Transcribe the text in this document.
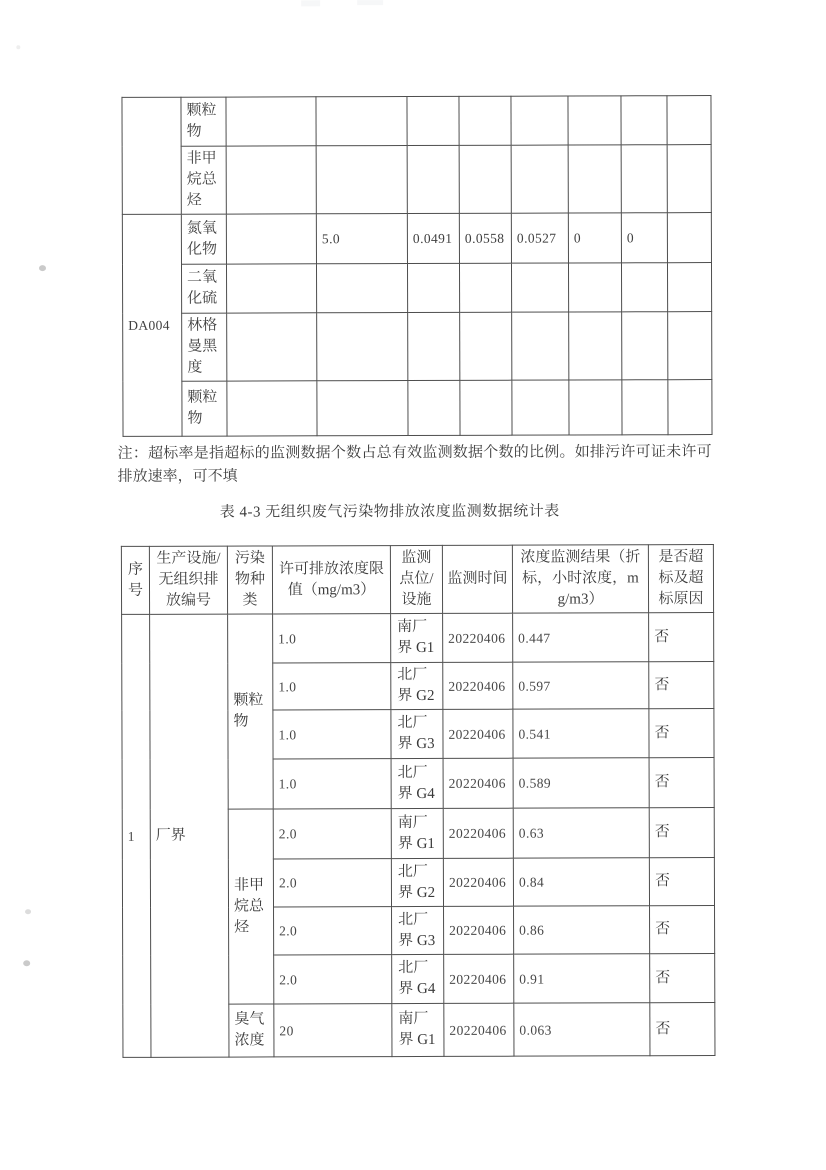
	颗粒物								
	非甲烷总烃								
DA004	氮氧化物		5.0	0.0491	0.0558	0.0527	0	0	
	二氧化硫								
	林格曼黑度								
	颗粒物								
注：超标率是指超标的监测数据个数占总有效监测数据个数的比例。如排污许可证未许可排放速率，可不填
表 4-3 无组织废气污染物排放浓度监测数据统计表
序号	生产设施/无组织排放编号	污染物种类	许可排放浓度限值（mg/m3）	监测点位/设施	监测时间	浓度监测结果（折标，小时浓度，mg/m3）	是否超标及超标原因
1	厂界	颗粒物	1.0	南厂界 G1	20220406	0.447	否
			1.0	北厂界 G2	20220406	0.597	否
			1.0	北厂界 G3	20220406	0.541	否
			1.0	北厂界 G4	20220406	0.589	否
		非甲烷总烃	2.0	南厂界 G1	20220406	0.63	否
			2.0	北厂界 G2	20220406	0.84	否
			2.0	北厂界 G3	20220406	0.86	否
			2.0	北厂界 G4	20220406	0.91	否
		臭气浓度	20	南厂界 G1	20220406	0.063	否
